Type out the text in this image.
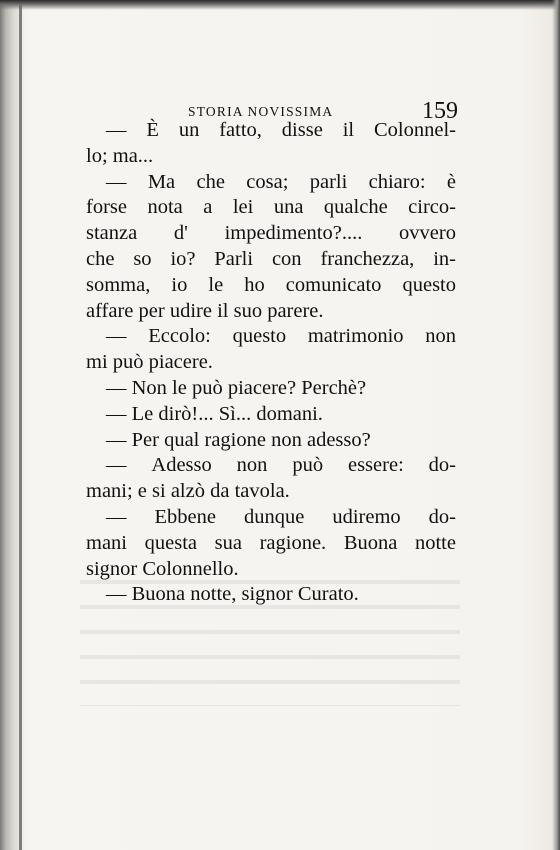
STORIA NOVISSIMA	159
— È un fatto, disse il Colonnel-
lo; ma...
— Ma che cosa; parli chiaro: è
forse nota a lei una qualche circo-
stanza d' impedimento?.... ovvero
che so io? Parli con franchezza, in-
somma, io le ho comunicato questo
affare per udire il suo parere.
— Eccolo: questo matrimonio non
mi può piacere.
— Non le può piacere? Perchè?
— Le dirò!... Sì... domani.
— Per qual ragione non adesso?
— Adesso non può essere: do-
mani; e si alzò da tavola.
— Ebbene dunque udiremo do-
mani questa sua ragione. Buona notte
signor Colonnello.
— Buona notte, signor Curato.
